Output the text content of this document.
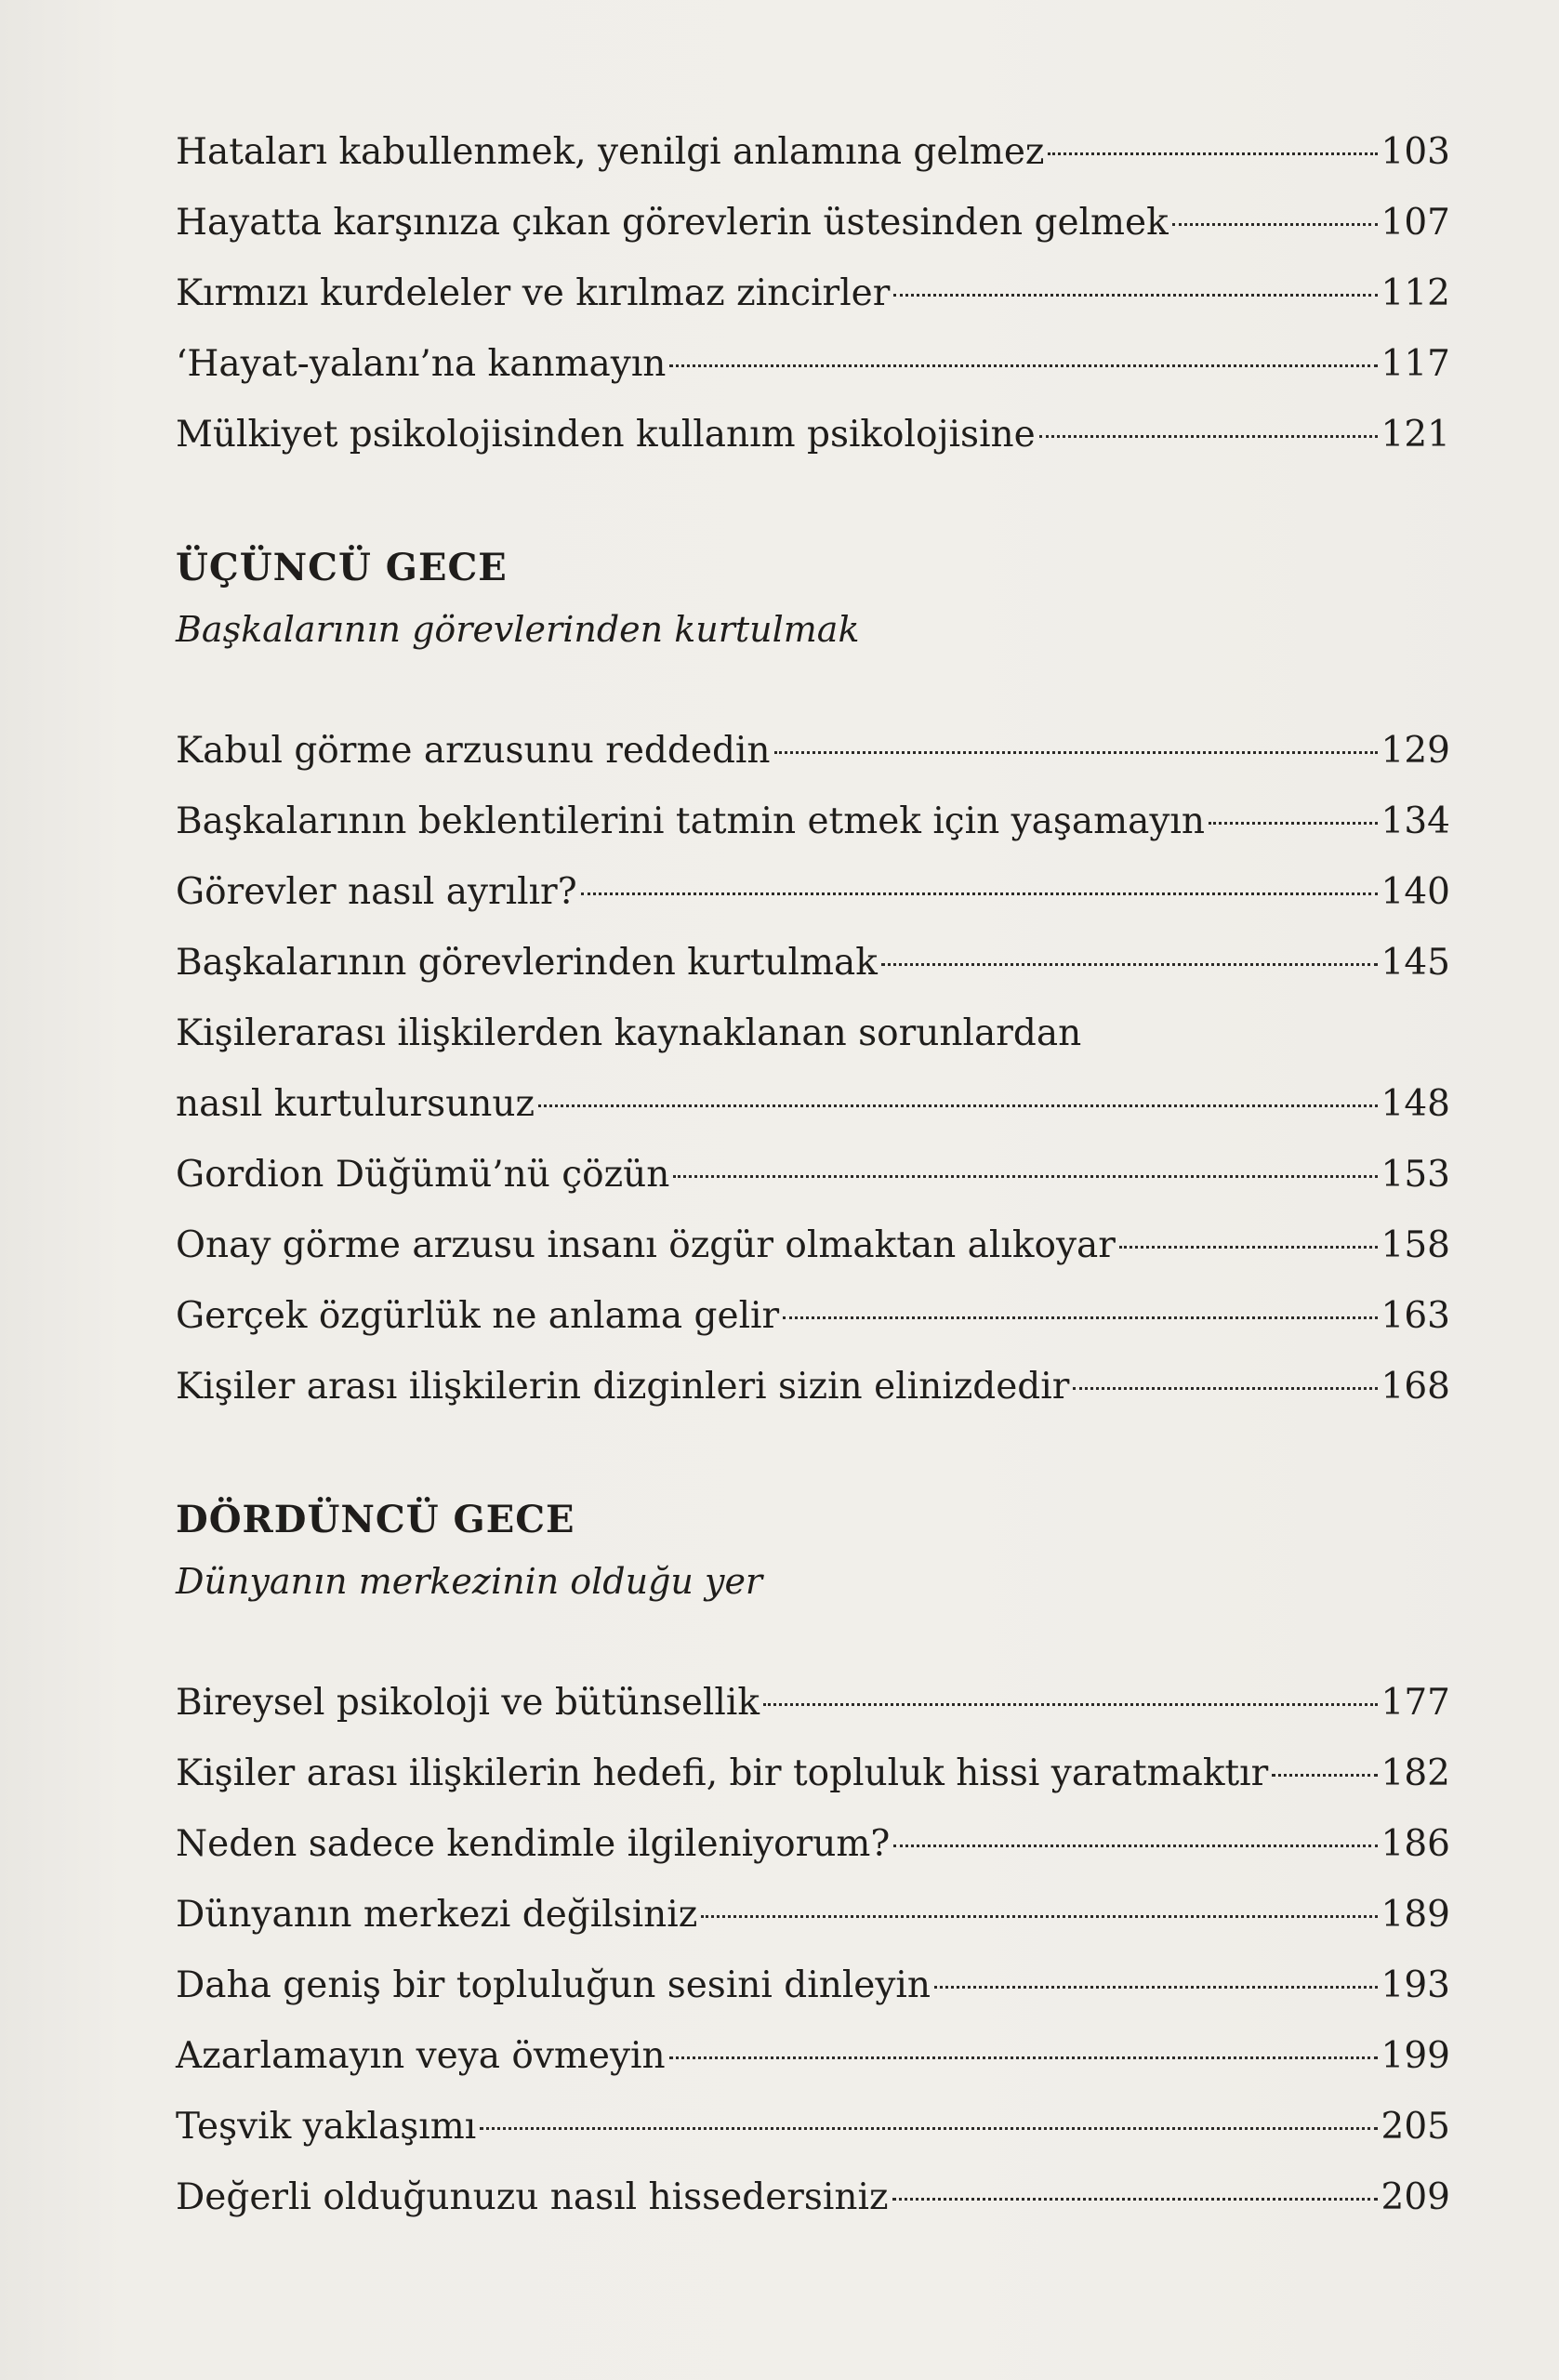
Hataları kabullenmek, yenilgi anlamına gelmez	103
Hayatta karşınıza çıkan görevlerin üstesinden gelmek	107
Kırmızı kurdeleler ve kırılmaz zincirler	112
‘Hayat-yalanı’na kanmayın	117
Mülkiyet psikolojisinden kullanım psikolojisine	121
ÜÇÜNCÜ GECE
Başkalarının görevlerinden kurtulmak
Kabul görme arzusunu reddedin	129
Başkalarının beklentilerini tatmin etmek için yaşamayın	134
Görevler nasıl ayrılır?	140
Başkalarının görevlerinden kurtulmak	145
Kişilerarası ilişkilerden kaynaklanan sorunlardan
nasıl kurtulursunuz	148
Gordion Düğümü’nü çözün	153
Onay görme arzusu insanı özgür olmaktan alıkoyar	158
Gerçek özgürlük ne anlama gelir	163
Kişiler arası ilişkilerin dizginleri sizin elinizdedir	168
DÖRDÜNCÜ GECE
Dünyanın merkezinin olduğu yer
Bireysel psikoloji ve bütünsellik	177
Kişiler arası ilişkilerin hedefi, bir topluluk hissi yaratmaktır	182
Neden sadece kendimle ilgileniyorum?	186
Dünyanın merkezi değilsiniz	189
Daha geniş bir topluluğun sesini dinleyin	193
Azarlamayın veya övmeyin	199
Teşvik yaklaşımı	205
Değerli olduğunuzu nasıl hissedersiniz	209
